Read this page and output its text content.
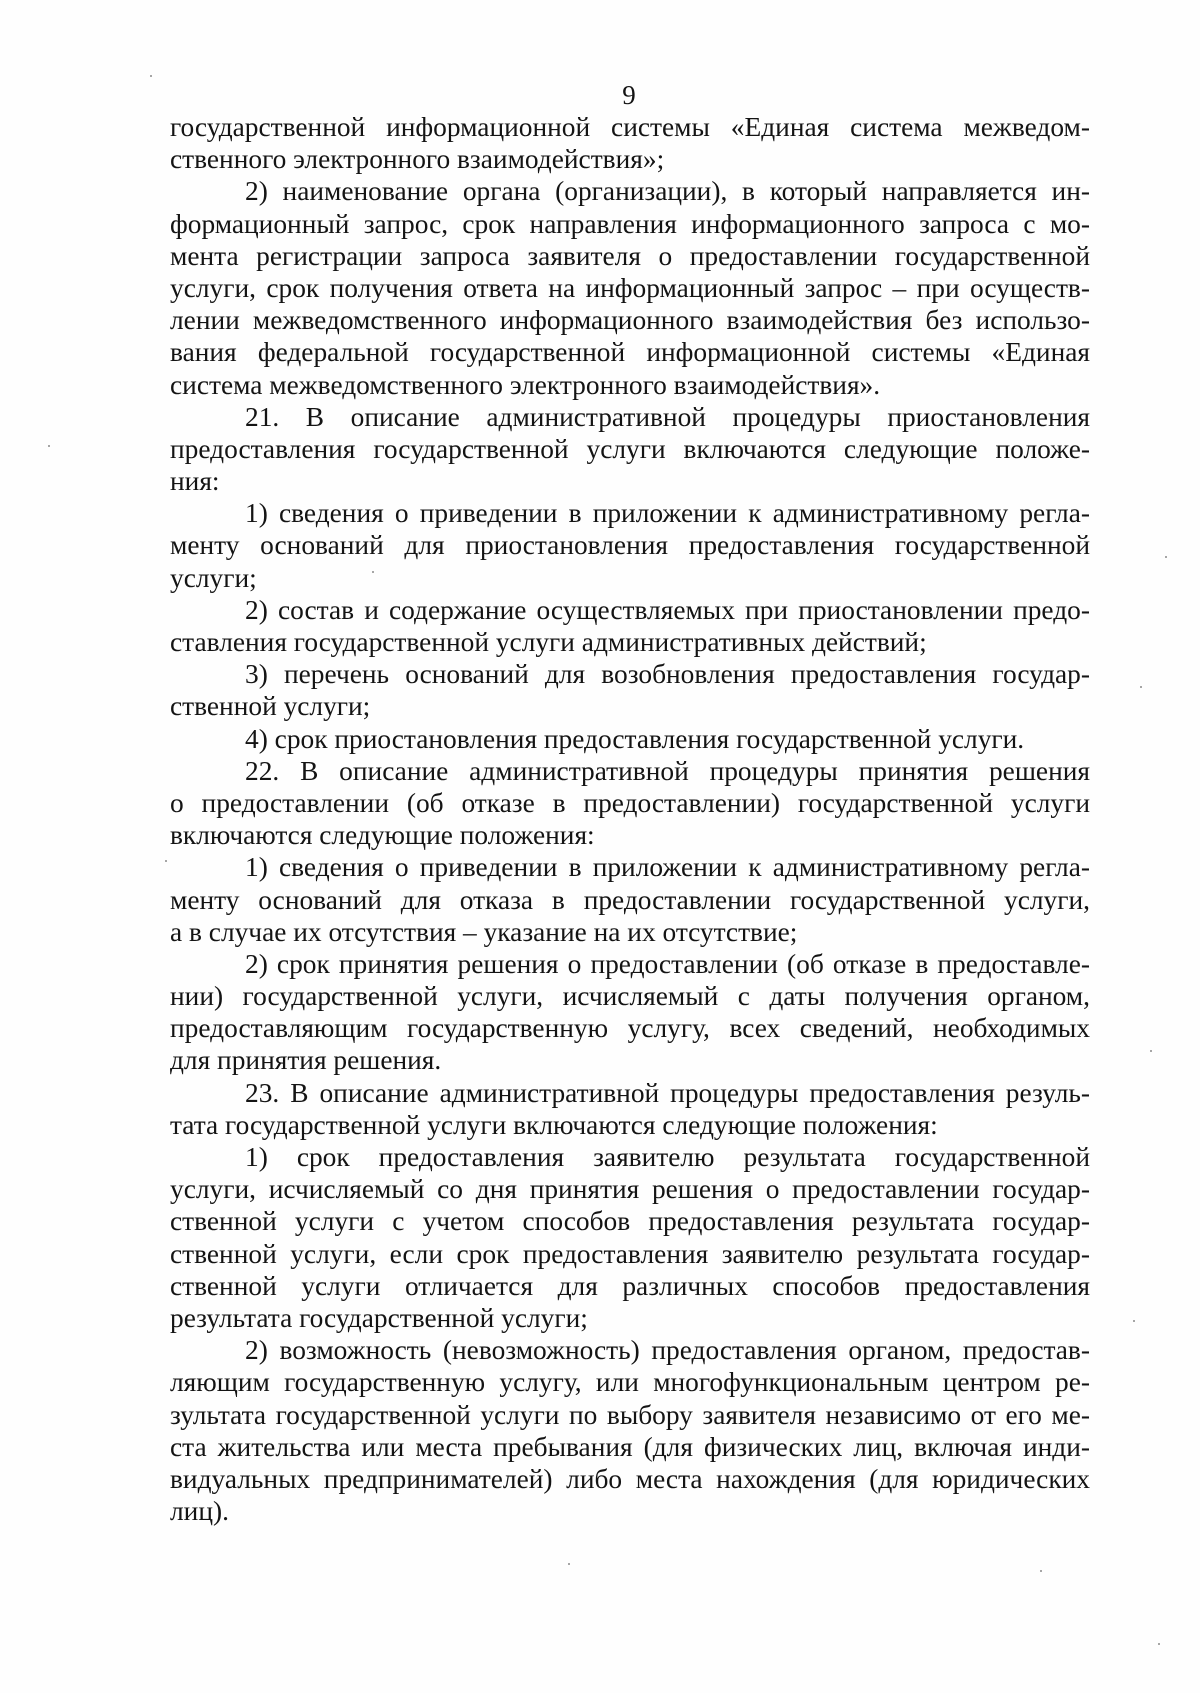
9
государственной информационной системы «Единая система межведом-
ственного электронного взаимодействия»;
2) наименование органа (организации), в который направляется ин-
формационный запрос, срок направления информационного запроса с мо-
мента регистрации запроса заявителя о предоставлении государственной
услуги, срок получения ответа на информационный запрос – при осуществ-
лении межведомственного информационного взаимодействия без использо-
вания федеральной государственной информационной системы «Единая
система межведомственного электронного взаимодействия».
21. В описание административной процедуры приостановления
предоставления государственной услуги включаются следующие положе-
ния:
1) сведения о приведении в приложении к административному регла-
менту оснований для приостановления предоставления государственной
услуги;
2) состав и содержание осуществляемых при приостановлении предо-
ставления государственной услуги административных действий;
3) перечень оснований для возобновления предоставления государ-
ственной услуги;
4) срок приостановления предоставления государственной услуги.
22. В описание административной процедуры принятия решения
о предоставлении (об отказе в предоставлении) государственной услуги
включаются следующие положения:
1) сведения о приведении в приложении к административному регла-
менту оснований для отказа в предоставлении государственной услуги,
а в случае их отсутствия – указание на их отсутствие;
2) срок принятия решения о предоставлении (об отказе в предоставле-
нии) государственной услуги, исчисляемый с даты получения органом,
предоставляющим государственную услугу, всех сведений, необходимых
для принятия решения.
23. В описание административной процедуры предоставления резуль-
тата государственной услуги включаются следующие положения:
1) срок предоставления заявителю результата государственной
услуги, исчисляемый со дня принятия решения о предоставлении государ-
ственной услуги с учетом способов предоставления результата государ-
ственной услуги, если срок предоставления заявителю результата государ-
ственной услуги отличается для различных способов предоставления
результата государственной услуги;
2) возможность (невозможность) предоставления органом, предостав-
ляющим государственную услугу, или многофункциональным центром ре-
зультата государственной услуги по выбору заявителя независимо от его ме-
ста жительства или места пребывания (для физических лиц, включая инди-
видуальных предпринимателей) либо места нахождения (для юридических
лиц).
